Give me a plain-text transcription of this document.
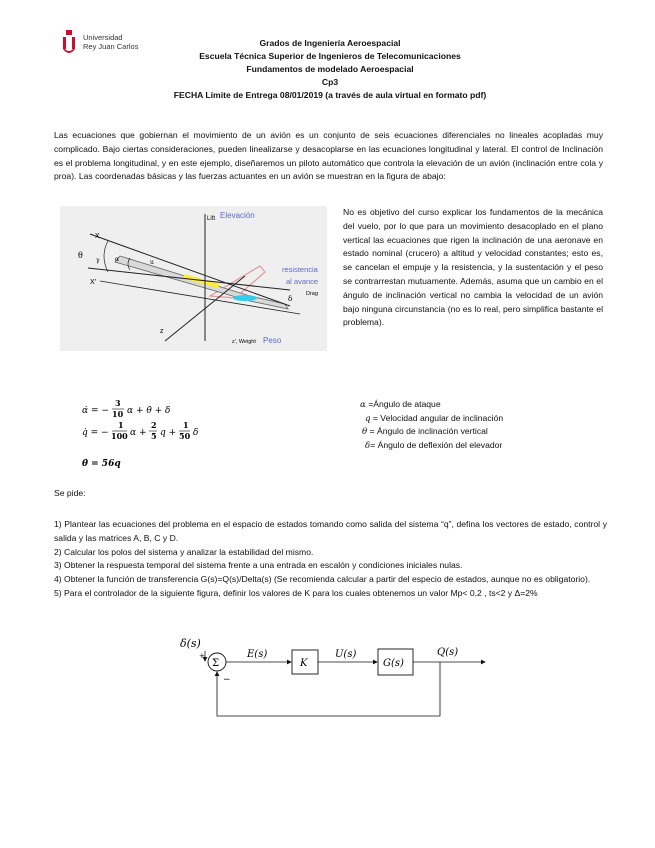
Universidad
Rey Juan Carlos	Grados de Ingeniería Aeroespacial
Escuela Técnica Superior de Ingenieros de Telecomunicaciones
Fundamentos de modelado Aeroespacial
Cp3
FECHA Límite de Entrega 08/01/2019 (a través de aula virtual en formato pdf)
Las ecuaciones que gobiernan el movimiento de un avión es un conjunto de seis ecuaciones diferenciales no lineales acopladas muy complicado. Bajo ciertas consideraciones, pueden linealizarse y desacoplarse en las ecuaciones longitudinal y lateral. El control de Inclinación es el problema longitudinal, y en este ejemplo, diseñaremos un piloto automático que controla la elevación de un avión (inclinación entre cola y proa). Las coordenadas básicas y las fuerzas actuantes en un avión se muestran en la figura de abajo:
Lift Elevación
resistencia
al avance
Drag
z', Weight Peso
X
X'
z
θ	α
γ
δ
u
No es objetivo del curso explicar los fundamentos de la mecánica del vuelo, por lo que para un movimiento desacoplado en el plano vertical las ecuaciones que rigen la inclinación de una aeronave en estado nominal (crucero) a altitud y velocidad constantes; esto es, se cancelan el empuje y la resistencia, y la sustentación y el peso se contrarrestan mutuamente. Además, asuma que un cambio en el ángulo de inclinación vertical no cambia la velocidad de un avión bajo ninguna circunstancia (no es lo real, pero simplifica bastante el problema).
α̇ = −
3
10 α + θ̇ + δ
q̇ = −
1
100 α +
2
5 q +
1
50 δ
θ̇ = 56q
α =Ángulo de ataque
q = Velocidad angular de inclinación
θ = Ángulo de inclinación vertical
δ= Ángulo de deflexión del elevador
Se pide:

1) Plantear las ecuaciones del problema en el espacio de estados tomando como salida del sistema “q”, defina los vectores de estado, control y salida y las matrices A, B, C y D.

2) Calcular los polos del sistema y analizar la estabilidad del mismo.

3) Obtener la respuesta temporal del sistema frente a una entrada en escalón y condiciones iniciales nulas.

4) Obtener la función de transferencia G(s)=Q(s)/Delta(s) (Se recomienda calcular a partir del especio de estados, aunque no es obligatorio).

5) Para el controlador de la siguiente figura, definir los valores de K para los cuales obtenemos un valor Mp< 0.2 , ts<2 y Δ=2%

δ(s)
Σ
+
−
E(s)
K
U(s)
G(s)
Q(s)
